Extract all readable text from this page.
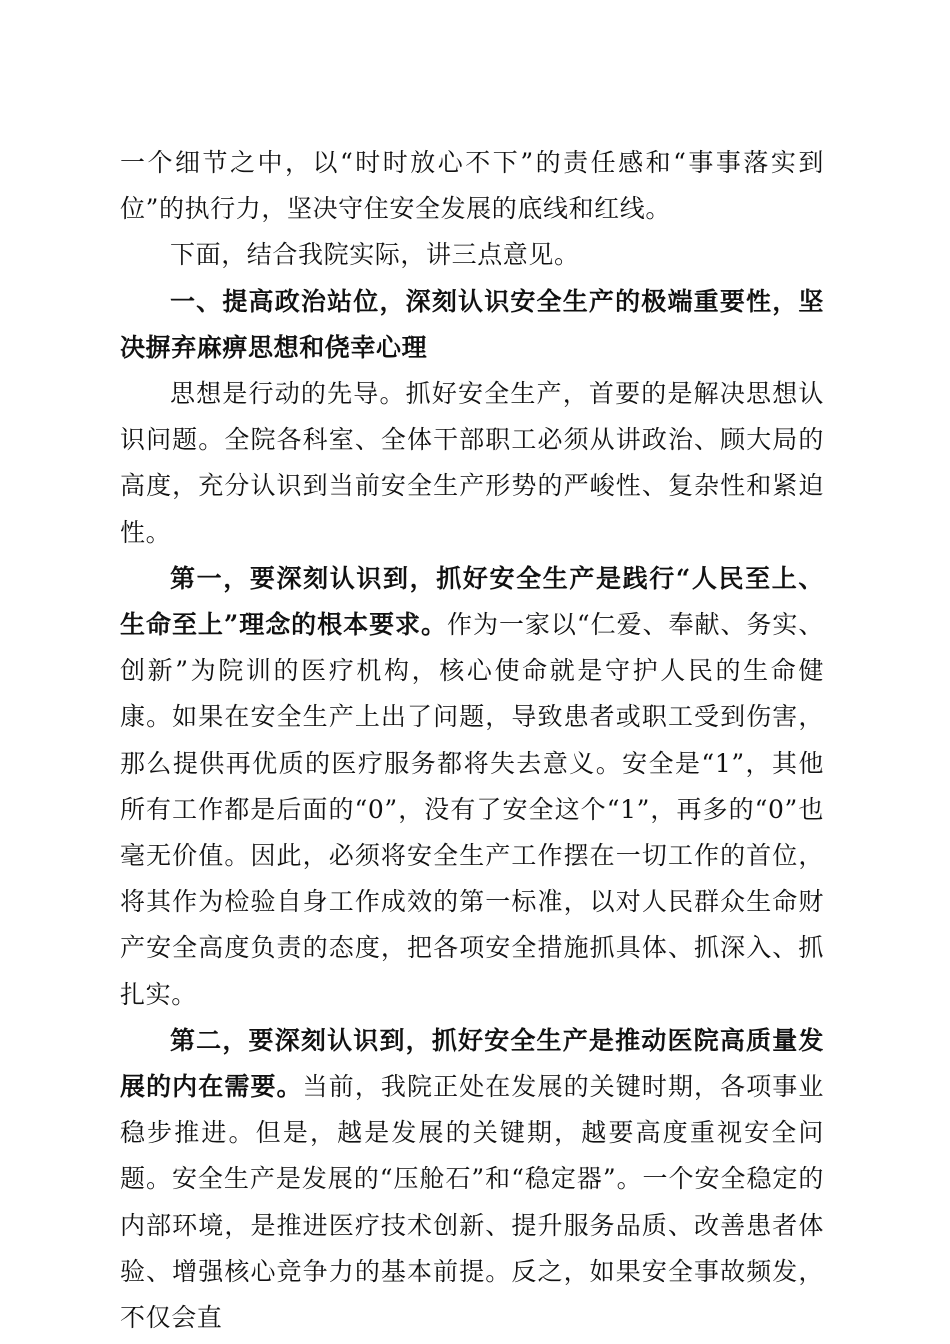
一个细节之中，以“时时放心不下”的责任感和“事事落实到位”的执行力，坚决守住安全发展的底线和红线。

下面，结合我院实际，讲三点意见。

一、提高政治站位，深刻认识安全生产的极端重要性，坚决摒弃麻痹思想和侥幸心理

思想是行动的先导。抓好安全生产，首要的是解决思想认识问题。全院各科室、全体干部职工必须从讲政治、顾大局的高度，充分认识到当前安全生产形势的严峻性、复杂性和紧迫性。

第一，要深刻认识到，抓好安全生产是践行“人民至上、生命至上”理念的根本要求。作为一家以“仁爱、奉献、务实、创新”为院训的医疗机构，核心使命就是守护人民的生命健康。如果在安全生产上出了问题，导致患者或职工受到伤害，那么提供再优质的医疗服务都将失去意义。安全是“1”，其他所有工作都是后面的“0”，没有了安全这个“1”，再多的“0”也毫无价值。因此，必须将安全生产工作摆在一切工作的首位，将其作为检验自身工作成效的第一标准，以对人民群众生命财产安全高度负责的态度，把各项安全措施抓具体、抓深入、抓扎实。

第二，要深刻认识到，抓好安全生产是推动医院高质量发展的内在需要。当前，我院正处在发展的关键时期，各项事业稳步推进。但是，越是发展的关键期，越要高度重视安全问题。安全生产是发展的“压舱石”和“稳定器”。一个安全稳定的内部环境，是推进医疗技术创新、提升服务品质、改善患者体验、增强核心竞争力的基本前提。反之，如果安全事故频发，不仅会直
